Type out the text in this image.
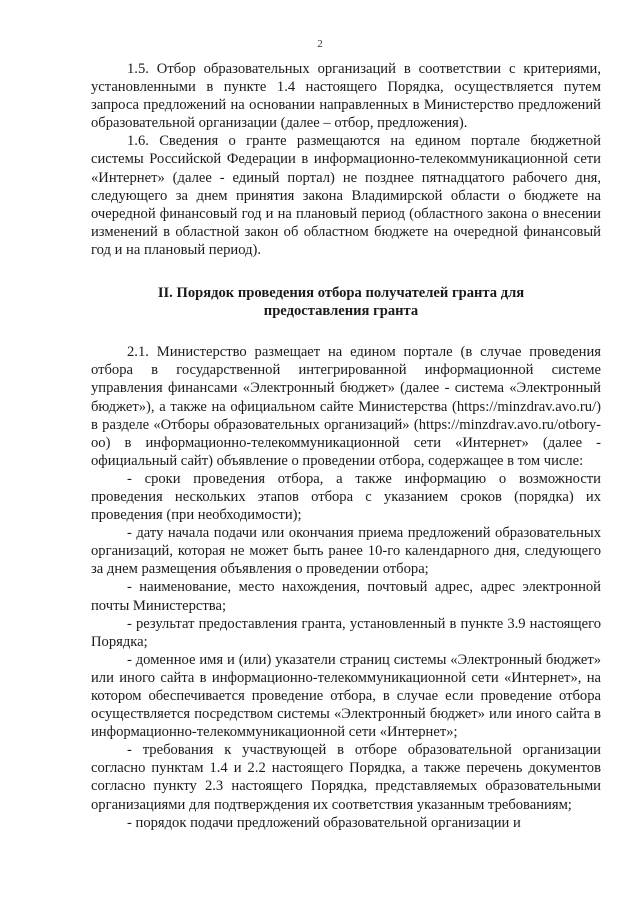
2

1.5. Отбор образовательных организаций в соответствии с критериями, установленными в пункте 1.4 настоящего Порядка, осуществляется путем запроса предложений на основании направленных в Министерство предложений образовательной организации (далее – отбор, предложения).

1.6. Сведения о гранте размещаются на едином портале бюджетной системы Российской Федерации в информационно-телекоммуникационной сети «Интернет» (далее - единый портал) не позднее пятнадцатого рабочего дня, следующего за днем принятия закона Владимирской области о бюджете на очередной финансовый год и на плановый период (областного закона о внесении изменений в областной закон об областном бюджете на очередной финансовый год и на плановый период).

II. Порядок проведения отбора получателей гранта для предоставления гранта

2.1. Министерство размещает на едином портале (в случае проведения отбора в государственной интегрированной информационной системе управления финансами «Электронный бюджет» (далее - система «Электронный бюджет»), а также на официальном сайте Министерства (https://minzdrav.avo.ru/) в разделе «Отборы образовательных организаций» (https://minzdrav.avo.ru/otbory-oo) в информационно-телекоммуникационной сети «Интернет» (далее - официальный сайт) объявление о проведении отбора, содержащее в том числе:

- сроки проведения отбора, а также информацию о возможности проведения нескольких этапов отбора с указанием сроков (порядка) их проведения (при необходимости);

- дату начала подачи или окончания приема предложений образовательных организаций, которая не может быть ранее 10-го календарного дня, следующего за днем размещения объявления о проведении отбора;

- наименование, место нахождения, почтовый адрес, адрес электронной почты Министерства;

- результат предоставления гранта, установленный в пункте 3.9 настоящего Порядка;

- доменное имя и (или) указатели страниц системы «Электронный бюджет» или иного сайта в информационно-телекоммуникационной сети «Интернет», на котором обеспечивается проведение отбора, в случае если проведение отбора осуществляется посредством системы «Электронный бюджет» или иного сайта в информационно-телекоммуникационной сети «Интернет»;

- требования к участвующей в отборе образовательной организации согласно пунктам 1.4 и 2.2 настоящего Порядка, а также перечень документов согласно пункту 2.3 настоящего Порядка, представляемых образовательными организациями для подтверждения их соответствия указанным требованиям;

- порядок подачи предложений образовательной организации и
